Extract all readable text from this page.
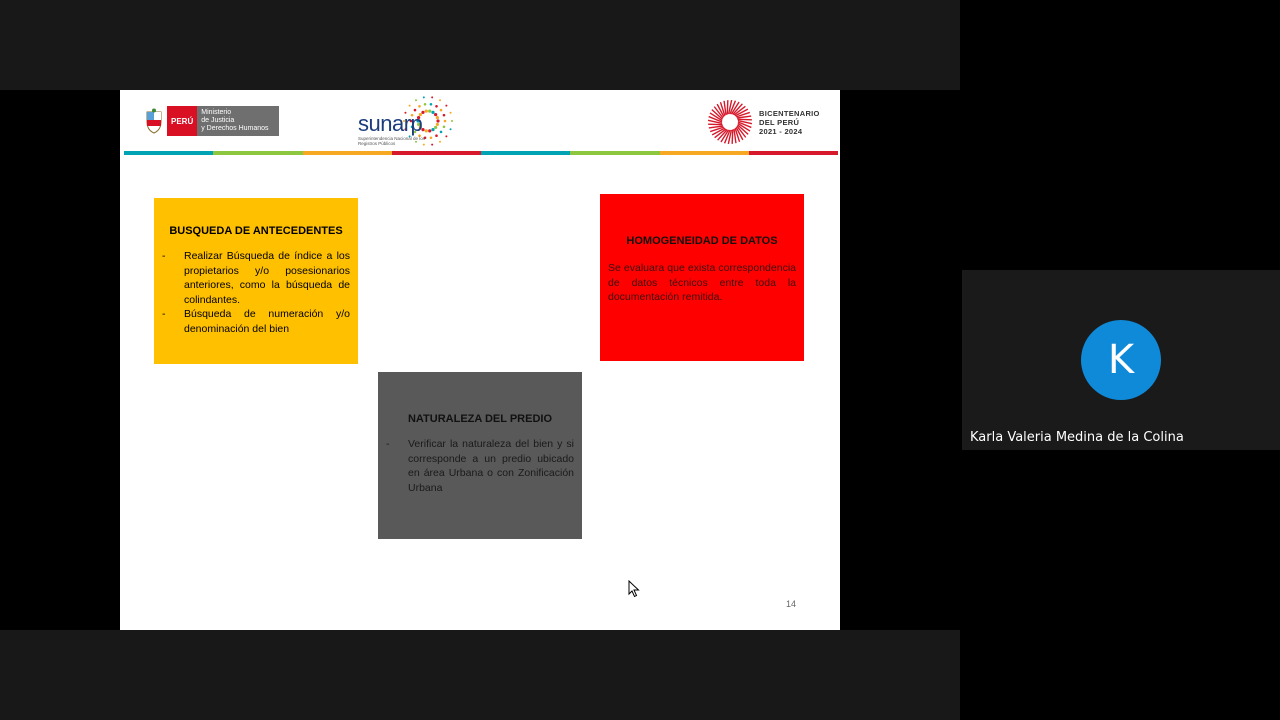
PERÚ
Ministerio
de Justicia
y Derechos Humanos	sunarp
Superintendencia Nacional de los Registros Públicos
BICENTENARIO
DEL PERÚ
2021 - 2024
BUSQUEDA DE ANTECEDENTES
- Realizar Búsqueda de índice a los propietarios y/o posesionarios anteriores, como la búsqueda de colindantes.
- Búsqueda de numeración y/o denominación del bien
HOMOGENEIDAD DE DATOS

Se evaluara que exista correspondencia de datos técnicos entre toda la documentación remitida.

NATURALEZA DEL PREDIO
- Verificar la naturaleza del bien y si corresponde a un predio ubicado en área Urbana o con Zonificación Urbana
14
K
Karla Valeria Medina de la Colina
